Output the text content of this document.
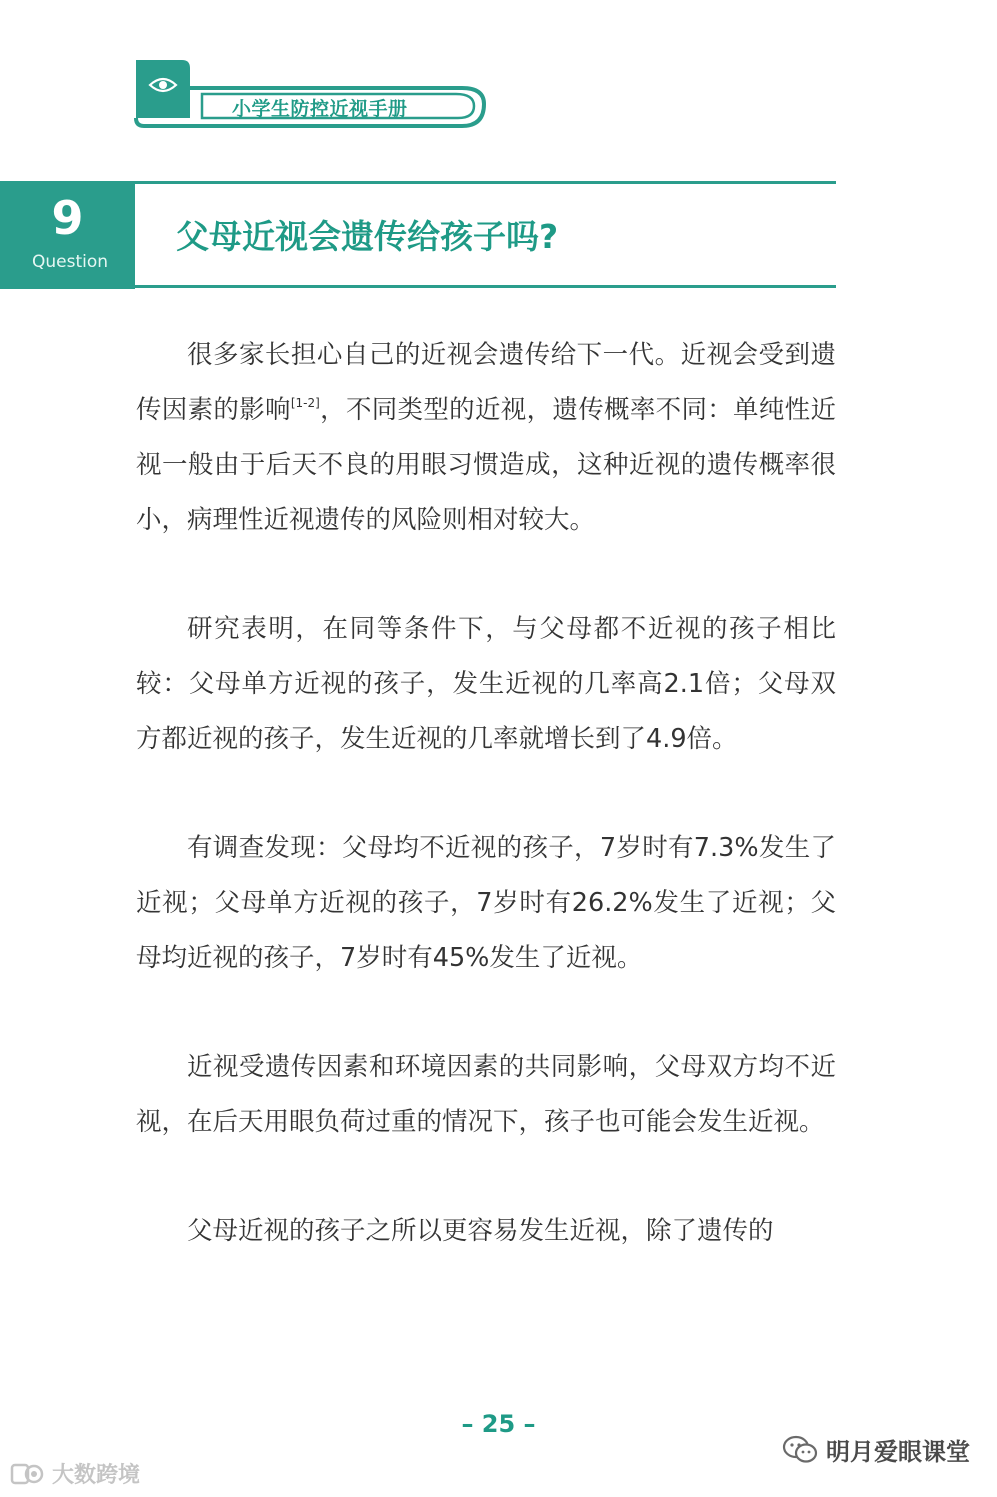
小学生防控近视手册
9
Question
父母近视会遗传给孩子吗?

很多家长担心自己的近视会遗传给下一代。近视会受到遗传因素的影响[1-2]，不同类型的近视，遗传概率不同：单纯性近视一般由于后天不良的用眼习惯造成，这种近视的遗传概率很小，病理性近视遗传的风险则相对较大。

研究表明，在同等条件下，与父母都不近视的孩子相比较：父母单方近视的孩子，发生近视的几率高2.1倍；父母双方都近视的孩子，发生近视的几率就增长到了4.9倍。

有调查发现：父母均不近视的孩子，7岁时有7.3%发生了近视；父母单方近视的孩子，7岁时有26.2%发生了近视；父母均近视的孩子，7岁时有45%发生了近视。

近视受遗传因素和环境因素的共同影响，父母双方均不近视，在后天用眼负荷过重的情况下，孩子也可能会发生近视。

父母近视的孩子之所以更容易发生近视，除了遗传的

– 25 –
大数跨境
明月爱眼课堂
